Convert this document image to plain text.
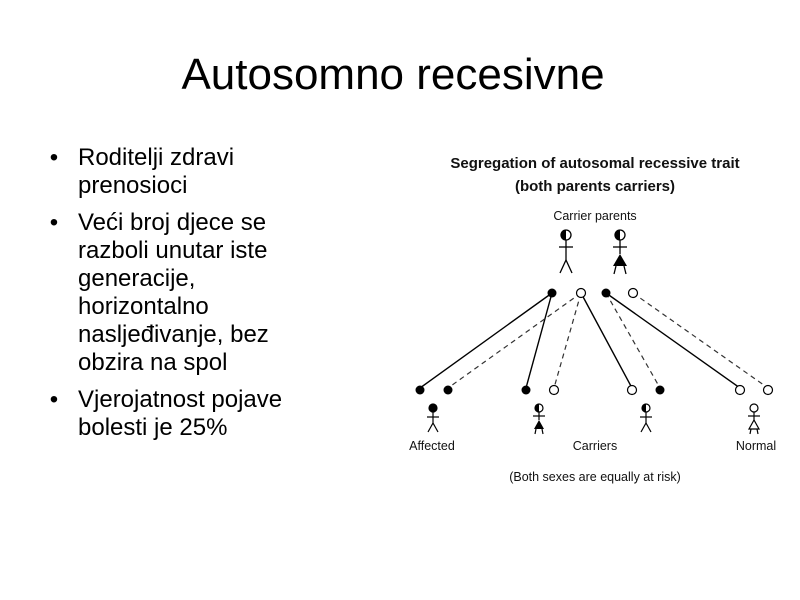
Autosomno recesivne
• Roditelji zdravi
prenosioci
• Veći broj djece se
razboli unutar iste
generacije,
horizontalno
nasljeđivanje, bez
obzira na spol
• Vjerojatnost pojave
bolesti je 25%
Segregation of autosomal recessive trait
(both parents carriers)
Carrier parents
Affected	Carriers	Normal
(Both sexes are equally at risk)
